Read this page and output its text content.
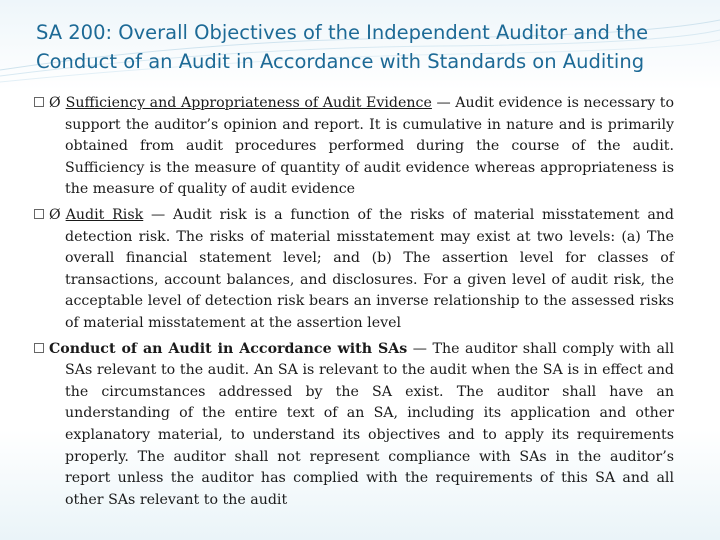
SA 200: Overall Objectives of the Independent Auditor and the Conduct of an Audit in Accordance with Standards on Auditing

Ø Sufficiency and Appropriateness of Audit Evidence — Audit evidence is necessary to support the auditor’s opinion and report. It is cumulative in nature and is primarily obtained from audit procedures performed during the course of the audit. Sufficiency is the measure of quantity of audit evidence whereas appropriateness is the measure of quality of audit evidence

Ø Audit Risk — Audit risk is a function of the risks of material misstatement and detection risk. The risks of material misstatement may exist at two levels: (a) The overall financial statement level; and (b) The assertion level for classes of transactions, account balances, and disclosures. For a given level of audit risk, the acceptable level of detection risk bears an inverse relationship to the assessed risks of material misstatement at the assertion level

Conduct of an Audit in Accordance with SAs — The auditor shall comply with all SAs relevant to the audit. An SA is relevant to the audit when the SA is in effect and the circumstances addressed by the SA exist. The auditor shall have an understanding of the entire text of an SA, including its application and other explanatory material, to understand its objectives and to apply its requirements properly. The auditor shall not represent compliance with SAs in the auditor’s report unless the auditor has complied with the requirements of this SA and all other SAs relevant to the audit
